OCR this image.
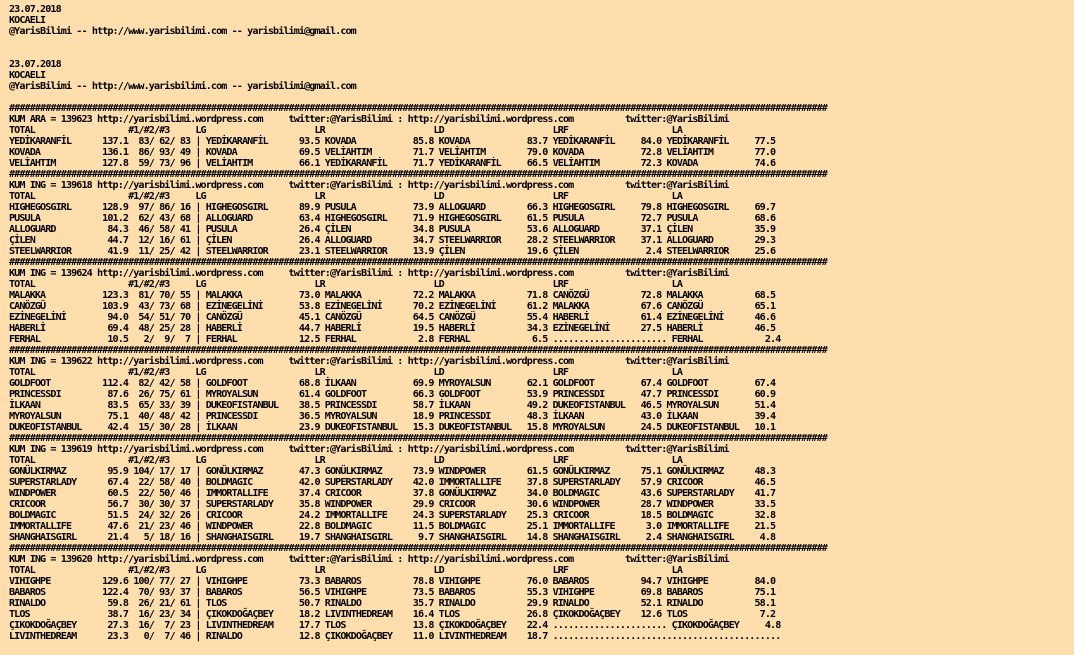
23.07.2018
KOCAELI
@YarisBilimi -- http://www.yarisbilimi.com -- yarisbilimi@gmail.com

23.07.2018
KOCAELI
@YarisBilimi -- http://www.yarisbilimi.com -- yarisbilimi@gmail.com

##############################################################################################################################################################
KUM ARA = 139623 http://yarisbilimi.wordpress.com     twitter:@YarisBilimi : http://yarisbilimi.wordpress.com          twitter:@YarisBilimi
TOTAL                  #1/#2/#3     LG                     LR                     LD                     LRF                    LA
YEDİKARANFİL      137.1  83/ 62/ 83 | YEDİKARANFİL      93.5 KOVADA           85.8 KOVADA           83.7 YEDİKARANFİL     84.0 YEDİKARANFİL     77.5
KOVADA            136.1  86/ 93/ 49 | KOVADA            69.5 VELİAHTIM        71.7 VELİAHTIM        79.0 KOVADA           72.8 VELİAHTIM        77.0
VELİAHTIM         127.8  59/ 73/ 96 | VELİAHTIM         66.1 YEDİKARANFİL     71.7 YEDİKARANFİL     66.5 VELİAHTIM        72.3 KOVADA           74.6
##############################################################################################################################################################
KUM ING = 139618 http://yarisbilimi.wordpress.com     twitter:@YarisBilimi : http://yarisbilimi.wordpress.com          twitter:@YarisBilimi
TOTAL                  #1/#2/#3     LG                     LR                     LD                     LRF                    LA
HIGHEGOSGIRL      128.9  97/ 86/ 16 | HIGHEGOSGIRL      89.9 PUSULA           73.9 ALLOGUARD        66.3 HIGHEGOSGIRL     79.8 HIGHEGOSGIRL     69.7
PUSULA            101.2  62/ 43/ 68 | ALLOGUARD         63.4 HIGHEGOSGIRL     71.9 HIGHEGOSGIRL     61.5 PUSULA           72.7 PUSULA           68.6
ALLOGUARD          84.3  46/ 58/ 41 | PUSULA            26.4 ÇİLEN            34.8 PUSULA           53.6 ALLOGUARD        37.1 ÇİLEN            35.9
ÇİLEN              44.7  12/ 16/ 61 | ÇİLEN             26.4 ALLOGUARD        34.7 STEELWARRIOR     28.2 STEELWARRIOR     37.1 ALLOGUARD        29.3
STEELWARRIOR       41.9  11/ 25/ 42 | STEELWARRIOR      23.1 STEELWARRIOR     13.9 ÇİLEN            19.6 ÇİLEN             2.4 STEELWARRIOR     25.6
##############################################################################################################################################################
KUM ING = 139624 http://yarisbilimi.wordpress.com     twitter:@YarisBilimi : http://yarisbilimi.wordpress.com          twitter:@YarisBilimi
TOTAL                  #1/#2/#3     LG                     LR                     LD                     LRF                    LA
MALAKKA           123.3  81/ 70/ 55 | MALAKKA           73.0 MALAKKA          72.2 MALAKKA          71.8 CANÖZGÜ          72.8 MALAKKA          68.5
CANÖZGÜ           103.9  43/ 73/ 68 | EZİNEGELİNİ       53.8 EZİNEGELİNİ      70.2 EZİNEGELİNİ      61.2 MALAKKA          67.6 CANÖZGÜ          65.1
EZİNEGELİNİ        94.0  54/ 51/ 70 | CANÖZGÜ           45.1 CANÖZGÜ          64.5 CANÖZGÜ          55.4 HABERLİ          61.4 EZİNEGELİNİ      46.6
HABERLİ            69.4  48/ 25/ 28 | HABERLİ           44.7 HABERLİ          19.5 HABERLİ          34.3 EZİNEGELİNİ      27.5 HABERLİ          46.5
FERHAL             10.5   2/  9/  7 | FERHAL            12.5 FERHAL            2.8 FERHAL            6.5 ...................... FERHAL            2.4
##############################################################################################################################################################
KUM ING = 139622 http://yarisbilimi.wordpress.com     twitter:@YarisBilimi : http://yarisbilimi.wordpress.com          twitter:@YarisBilimi
TOTAL                  #1/#2/#3     LG                     LR                     LD                     LRF                    LA
GOLDFOOT          112.4  82/ 42/ 58 | GOLDFOOT          68.8 İLKAAN           69.9 MYROYALSUN       62.1 GOLDFOOT         67.4 GOLDFOOT         67.4
PRINCESSDI         87.6  26/ 75/ 61 | MYROYALSUN        61.4 GOLDFOOT         66.3 GOLDFOOT         53.9 PRINCESSDI       47.7 PRINCESSDI       60.9
İLKAAN             83.5  65/ 33/ 39 | DUKEOFISTANBUL    38.5 PRINCESSDI       58.7 İLKAAN           49.2 DUKEOFISTANBUL   46.5 MYROYALSUN       51.4
MYROYALSUN         75.1  40/ 48/ 42 | PRINCESSDI        36.5 MYROYALSUN       18.9 PRINCESSDI       48.3 İLKAAN           43.0 İLKAAN           39.4
DUKEOFISTANBUL     42.4  15/ 30/ 28 | İLKAAN            23.9 DUKEOFISTANBUL   15.3 DUKEOFISTANBUL   15.8 MYROYALSUN       24.5 DUKEOFISTANBUL   10.1
##############################################################################################################################################################
KUM ING = 139619 http://yarisbilimi.wordpress.com     twitter:@YarisBilimi : http://yarisbilimi.wordpress.com          twitter:@YarisBilimi
TOTAL                  #1/#2/#3     LG                     LR                     LD                     LRF                    LA
GONÜLKIRMAZ        95.9 104/ 17/ 17 | GONÜLKIRMAZ       47.3 GONÜLKIRMAZ      73.9 WINDPOWER        61.5 GONÜLKIRMAZ      75.1 GONÜLKIRMAZ      48.3
SUPERSTARLADY      67.4  22/ 58/ 40 | BOLDMAGIC         42.0 SUPERSTARLADY    42.0 IMMORTALLIFE     37.8 SUPERSTARLADY    57.9 CRICOOR          46.5
WINDPOWER          60.5  22/ 50/ 46 | IMMORTALLIFE      37.4 CRICOOR          37.8 GONÜLKIRMAZ      34.0 BOLDMAGIC        43.6 SUPERSTARLADY    41.7
CRICOOR            56.7  30/ 30/ 37 | SUPERSTARLADY     35.8 WINDPOWER        29.9 CRICOOR          30.6 WINDPOWER        28.7 WINDPOWER        33.5
BOLDMAGIC          51.5  24/ 32/ 26 | CRICOOR           24.2 IMMORTALLIFE     24.3 SUPERSTARLADY    25.3 CRICOOR          18.5 BOLDMAGIC        32.8
IMMORTALLIFE       47.6  21/ 23/ 46 | WINDPOWER         22.8 BOLDMAGIC        11.5 BOLDMAGIC        25.1 IMMORTALLIFE      3.0 IMMORTALLIFE     21.5
SHANGHAISGIRL      21.4   5/ 18/ 16 | SHANGHAISGIRL     19.7 SHANGHAISGIRL     9.7 SHANGHAISGIRL    14.8 SHANGHAISGIRL     2.4 SHANGHAISGIRL     4.8
##############################################################################################################################################################
KUM ING = 139620 http://yarisbilimi.wordpress.com     twitter:@YarisBilimi : http://yarisbilimi.wordpress.com          twitter:@YarisBilimi
TOTAL                  #1/#2/#3     LG                     LR                     LD                     LRF                    LA
VIHIGHPE          129.6 100/ 77/ 27 | VIHIGHPE          73.3 BABAROS          78.8 VIHIGHPE         76.0 BABAROS          94.7 VIHIGHPE         84.0
BABAROS           122.4  70/ 93/ 37 | BABAROS           56.5 VIHIGHPE         73.5 BABAROS          55.3 VIHIGHPE         69.8 BABAROS          75.1
RINALDO            59.8  26/ 21/ 61 | TLOS              50.7 RINALDO          35.7 RINALDO          29.9 RINALDO          52.1 RINALDO          58.1
TLOS               38.7  16/ 23/ 34 | ÇIKOKDOĞAÇBEY     18.2 LIVINTHEDREAM    16.4 TLOS             26.8 ÇIKOKDOĞAÇBEY    12.6 TLOS              7.2
ÇIKOKDOĞAÇBEY      27.3  16/  7/ 23 | LIVINTHEDREAM     17.7 TLOS             13.8 ÇIKOKDOĞAÇBEY    22.4 ...................... ÇIKOKDOĞAÇBEY     4.8
LIVINTHEDREAM      23.3   0/  7/ 46 | RINALDO           12.8 ÇIKOKDOĞAÇBEY    11.0 LIVINTHEDREAM    18.7 ............................................
